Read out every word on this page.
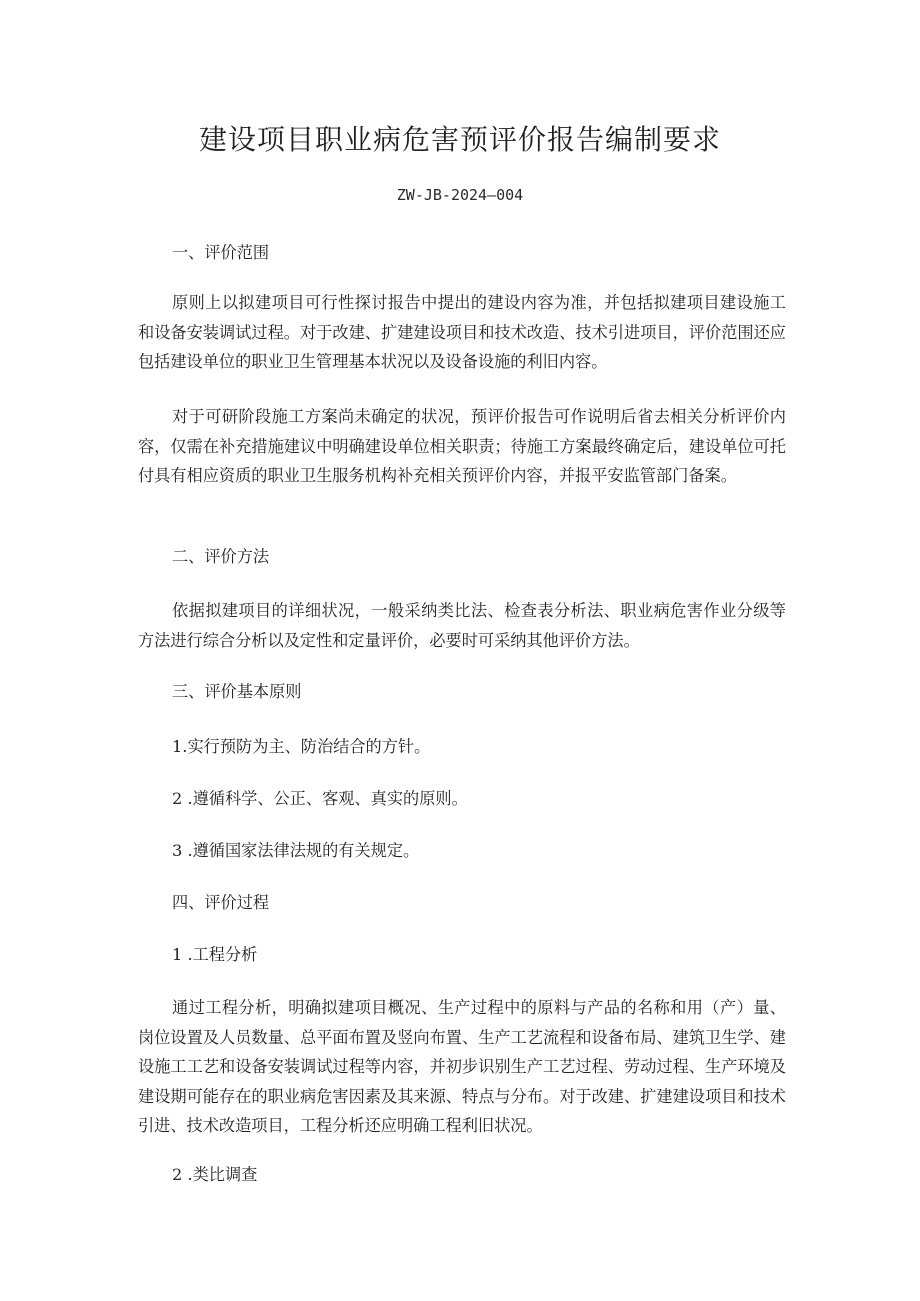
建设项目职业病危害预评价报告编制要求
ZW-JB-2024—004

一、评价范围

原则上以拟建项目可行性探讨报告中提出的建设内容为准，并包括拟建项目建设施工和设备安装调试过程。对于改建、扩建建设项目和技术改造、技术引进项目，评价范围还应包括建设单位的职业卫生管理基本状况以及设备设施的利旧内容。

对于可研阶段施工方案尚未确定的状况，预评价报告可作说明后省去相关分析评价内容，仅需在补充措施建议中明确建设单位相关职责；待施工方案最终确定后，建设单位可托付具有相应资质的职业卫生服务机构补充相关预评价内容，并报平安监管部门备案。

二、评价方法

依据拟建项目的详细状况，一般采纳类比法、检查表分析法、职业病危害作业分级等方法进行综合分析以及定性和定量评价，必要时可采纳其他评价方法。

三、评价基本原则

1.实行预防为主、防治结合的方针。

2 .遵循科学、公正、客观、真实的原则。

3 .遵循国家法律法规的有关规定。

四、评价过程

1 .工程分析

通过工程分析，明确拟建项目概况、生产过程中的原料与产品的名称和用（产）量、岗位设置及人员数量、总平面布置及竖向布置、生产工艺流程和设备布局、建筑卫生学、建设施工工艺和设备安装调试过程等内容，并初步识别生产工艺过程、劳动过程、生产环境及建设期可能存在的职业病危害因素及其来源、特点与分布。对于改建、扩建建设项目和技术引进、技术改造项目，工程分析还应明确工程利旧状况。

2 .类比调查
